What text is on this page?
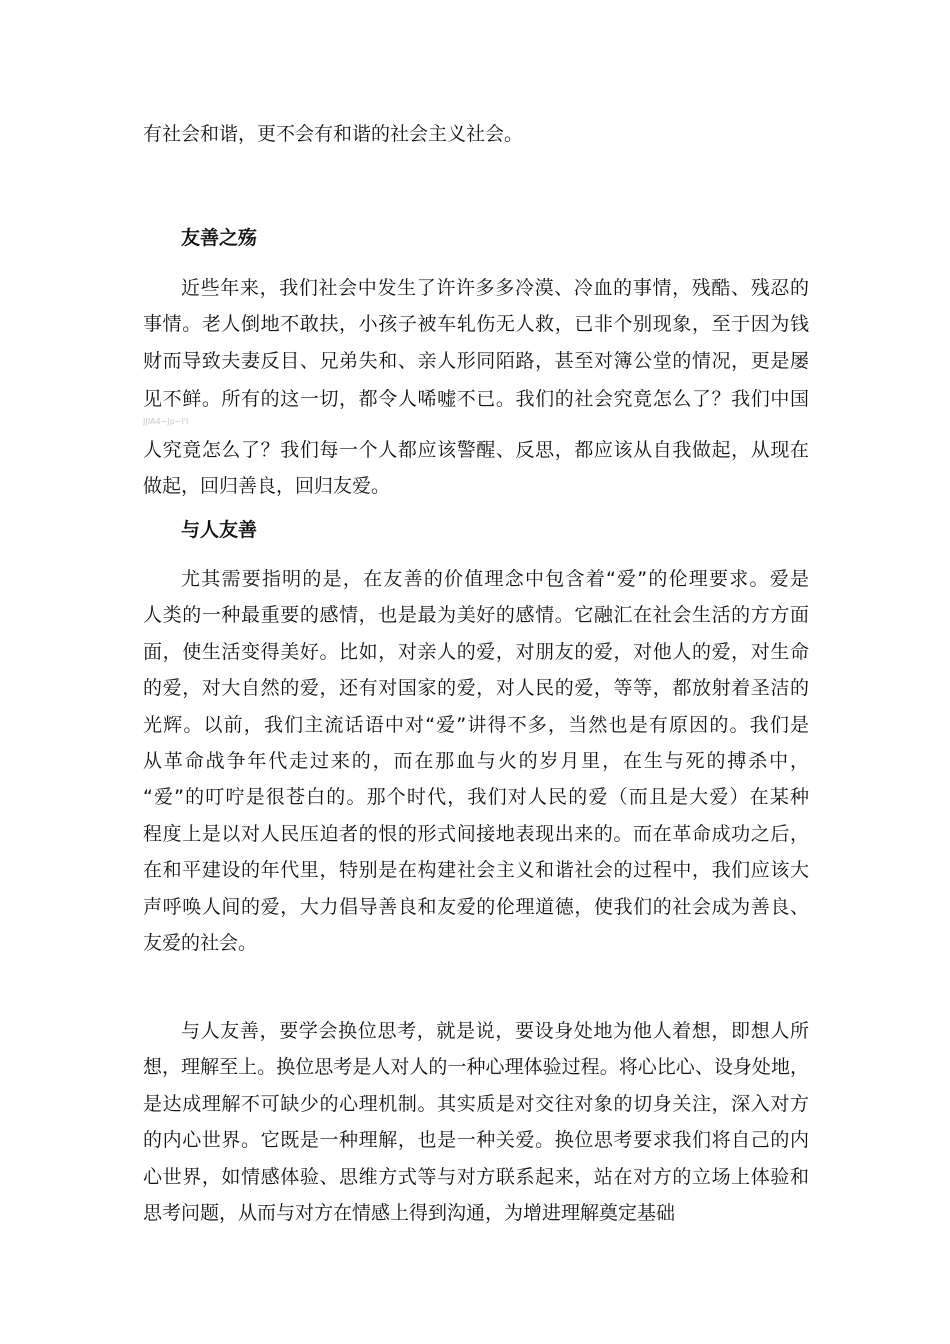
有社会和谐，更不会有和谐的社会主义社会。
友善之殇
近些年来，我们社会中发生了许许多多冷漠、冷血的事情，残酷、残忍的
事情。老人倒地不敢扶，小孩子被车轧伤无人救，已非个别现象，至于因为钱
财而导致夫妻反目、兄弟失和、亲人形同陌路，甚至对簿公堂的情况，更是屡
见不鲜。所有的这一切，都令人唏嘘不已。我们的社会究竟怎么了？我们中国
JJIA4~Jp~I'I
人究竟怎么了？我们每一个人都应该警醒、反思，都应该从自我做起，从现在
做起，回归善良，回归友爱。
与人友善
尤其需要指明的是，在友善的价值理念中包含着“爱”的伦理要求。爱是
人类的一种最重要的感情，也是最为美好的感情。它融汇在社会生活的方方面
面，使生活变得美好。比如，对亲人的爱，对朋友的爱，对他人的爱，对生命
的爱，对大自然的爱，还有对国家的爱，对人民的爱，等等，都放射着圣洁的
光辉。以前，我们主流话语中对“爱”讲得不多，当然也是有原因的。我们是
从革命战争年代走过来的，而在那血与火的岁月里，在生与死的搏杀中，
“爱”的叮咛是很苍白的。那个时代，我们对人民的爱（而且是大爱）在某种
程度上是以对人民压迫者的恨的形式间接地表现出来的。而在革命成功之后，
在和平建设的年代里，特别是在构建社会主义和谐社会的过程中，我们应该大
声呼唤人间的爱，大力倡导善良和友爱的伦理道德，使我们的社会成为善良、
友爱的社会。
与人友善，要学会换位思考，就是说，要设身处地为他人着想，即想人所
想，理解至上。换位思考是人对人的一种心理体验过程。将心比心、设身处地，
是达成理解不可缺少的心理机制。其实质是对交往对象的切身关注，深入对方
的内心世界。它既是一种理解，也是一种关爱。换位思考要求我们将自己的内
心世界，如情感体验、思维方式等与对方联系起来，站在对方的立场上体验和
思考问题，从而与对方在情感上得到沟通，为增进理解奠定基础
